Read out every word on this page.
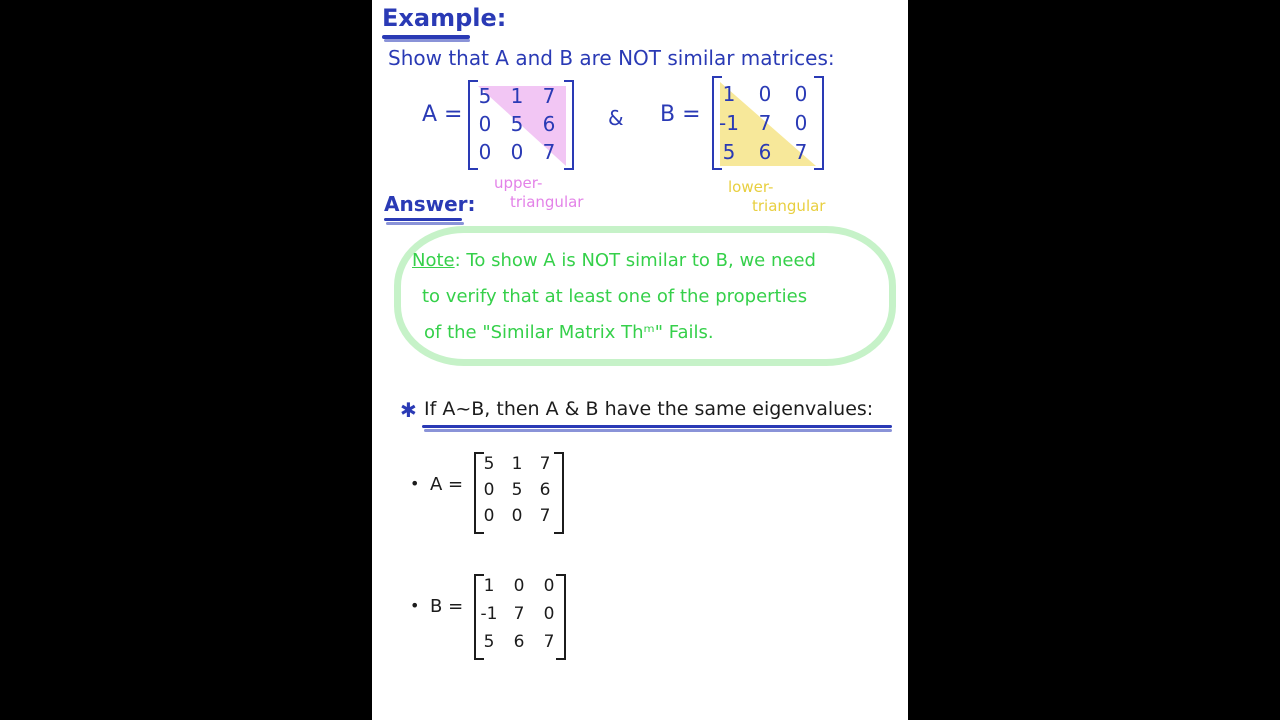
Example:
Show that A and B are NOT similar matrices:
A =
5 1 7
0 5 6
0 0 7
& B =
1	0	0
-1 7	0
5	6	7
upper-
triangular
lower-
triangular
Answer:
Note: To show A is NOT similar to B, we need
to verify that at least one of the properties
of the "Similar Matrix Thᵐ" Fails.
✱ If A~B, then A & B have the same eigenvalues:
• A =
5	1	7
0	5	6
0	0	7
• B =
1	0	0
-1 7	0
5	6	7
